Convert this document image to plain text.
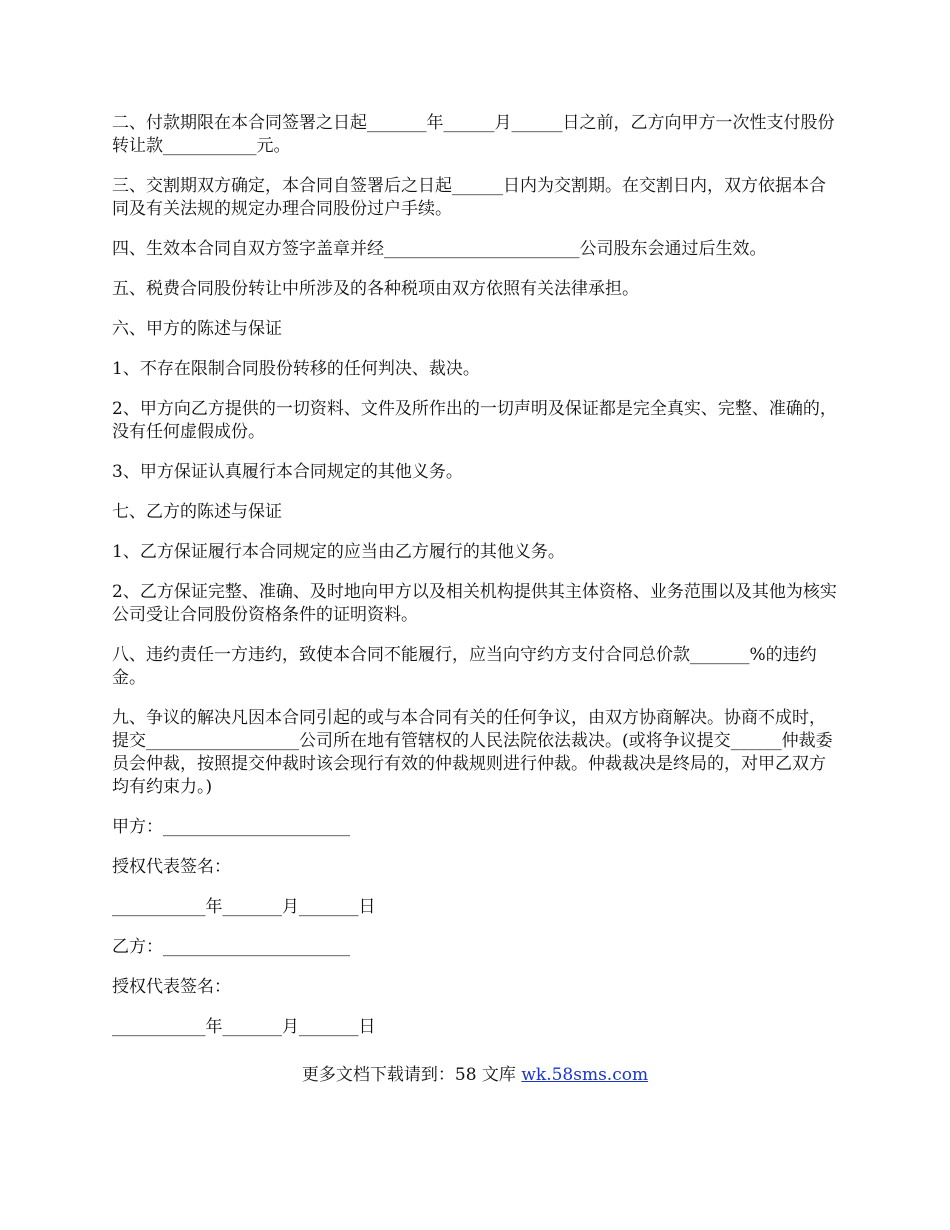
二、付款期限在本合同签署之日起_______年______月______日之前，乙方向甲方一次性支付股份转让款___________元。

三、交割期双方确定，本合同自签署后之日起______日内为交割期。在交割日内，双方依据本合同及有关法规的规定办理合同股份过户手续。

四、生效本合同自双方签字盖章并经_______________________公司股东会通过后生效。

五、税费合同股份转让中所涉及的各种税项由双方依照有关法律承担。

六、甲方的陈述与保证

1、不存在限制合同股份转移的任何判决、裁决。

2、甲方向乙方提供的一切资料、文件及所作出的一切声明及保证都是完全真实、完整、准确的，没有任何虚假成份。

3、甲方保证认真履行本合同规定的其他义务。

七、乙方的陈述与保证

1、乙方保证履行本合同规定的应当由乙方履行的其他义务。

2、乙方保证完整、准确、及时地向甲方以及相关机构提供其主体资格、业务范围以及其他为核实公司受让合同股份资格条件的证明资料。

八、违约责任一方违约，致使本合同不能履行，应当向守约方支付合同总价款_______%的违约金。

九、争议的解决凡因本合同引起的或与本合同有关的任何争议，由双方协商解决。协商不成时，提交__________________公司所在地有管辖权的人民法院依法裁决。(或将争议提交______仲裁委员会仲裁，按照提交仲裁时该会现行有效的仲裁规则进行仲裁。仲裁裁决是终局的，对甲乙双方均有约束力。)

甲方：______________________

授权代表签名：

___________年_______月_______日

乙方：______________________

授权代表签名：

___________年_______月_______日

更多文档下载请到：58 文库 wk.58sms.com
